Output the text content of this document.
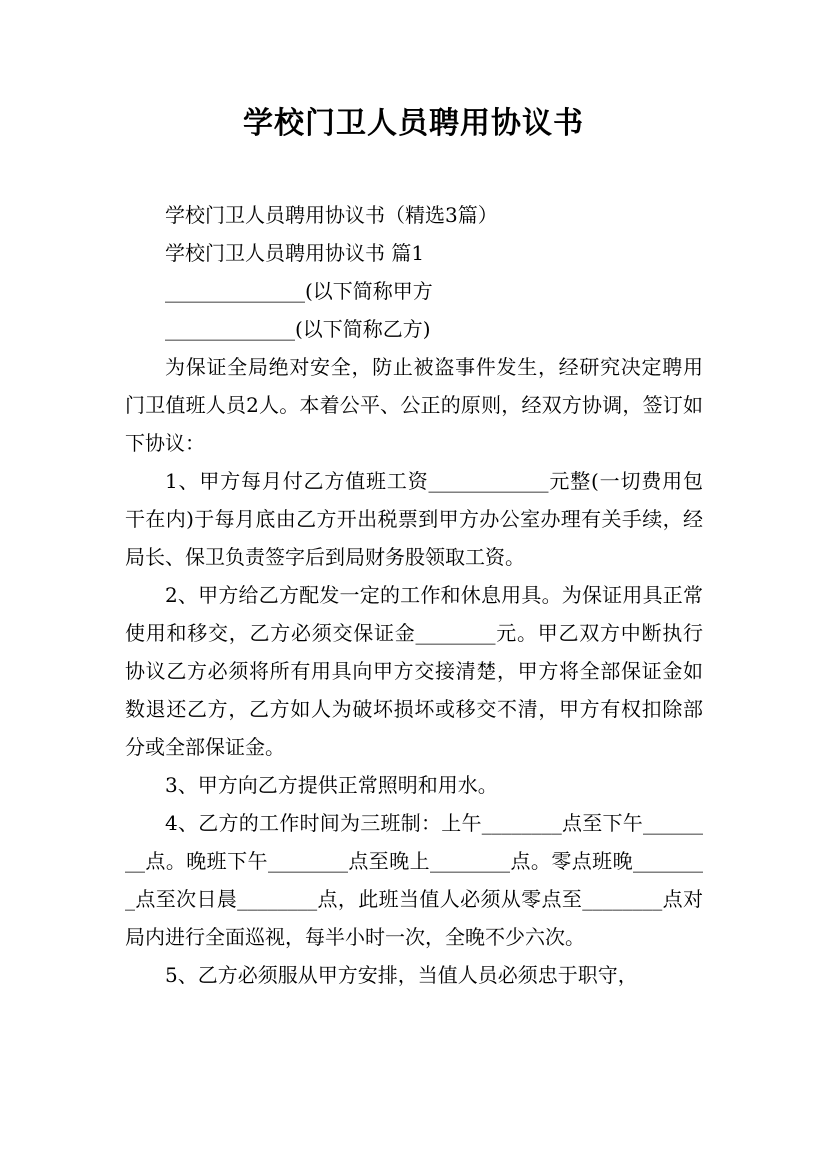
学校门卫人员聘用协议书

学校门卫人员聘用协议书（精选3篇）

学校门卫人员聘用协议书 篇1

______________(以下简称甲方

_____________(以下简称乙方)

为保证全局绝对安全，防止被盗事件发生，经研究决定聘用门卫值班人员2人。本着公平、公正的原则，经双方协调，签订如下协议：

1、甲方每月付乙方值班工资____________元整(一切费用包干在内)于每月底由乙方开出税票到甲方办公室办理有关手续，经局长、保卫负责签字后到局财务股领取工资。

2、甲方给乙方配发一定的工作和休息用具。为保证用具正常使用和移交，乙方必须交保证金________元。甲乙双方中断执行协议乙方必须将所有用具向甲方交接清楚，甲方将全部保证金如数退还乙方，乙方如人为破坏损坏或移交不清，甲方有权扣除部分或全部保证金。

3、甲方向乙方提供正常照明和用水。

4、乙方的工作时间为三班制：上午________点至下午________点。晚班下午________点至晚上________点。零点班晚________点至次日晨________点，此班当值人必须从零点至________点对局内进行全面巡视，每半小时一次，全晚不少六次。

5、乙方必须服从甲方安排，当值人员必须忠于职守，
